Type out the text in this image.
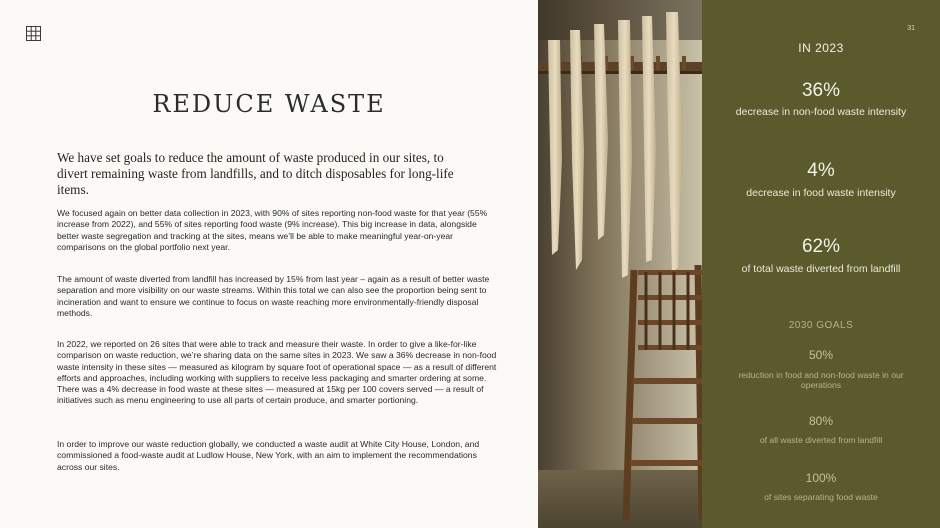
REDUCE WASTE
We have set goals to reduce the amount of waste produced in our sites, to divert remaining waste from landfills, and to ditch disposables for long-life items.
We focused again on better data collection in 2023, with 90% of sites reporting non-food waste for that year (55% increase from 2022), and 55% of sites reporting food waste (9% increase). This big increase in data, alongside better waste segregation and tracking at the sites, means we’ll be able to make meaningful year-on-year comparisons on the global portfolio next year.
The amount of waste diverted from landfill has increased by 15% from last year – again as a result of better waste separation and more visibility on our waste streams. Within this total we can also see the proportion being sent to incineration and want to ensure we continue to focus on waste reaching more environmentally-friendly disposal methods.
In 2022, we reported on 26 sites that were able to track and measure their waste. In order to give a like-for-like comparison on waste reduction, we’re sharing data on the same sites in 2023. We saw a 36% decrease in non-food waste intensity in these sites — measured as kilogram by square foot of operational space — as a result of different efforts and approaches, including working with suppliers to receive less packaging and smarter ordering at some. There was a 4% decrease in food waste at these sites — measured at 15kg per 100 covers served — a result of initiatives such as menu engineering to use all parts of certain produce, and smarter portioning.
In order to improve our waste reduction globally, we conducted a waste audit at White City House, London, and commissioned a food-waste audit at Ludlow House, New York, with an aim to implement the recommendations across our sites.
31
IN 2023
36%
decrease in non-food waste intensity
4%
decrease in food waste intensity
62%
of total waste diverted from landfill
2030 GOALS
50%
reduction in food and non-food waste in our operations
80%
of all waste diverted from landfill
100%
of sites separating food waste
